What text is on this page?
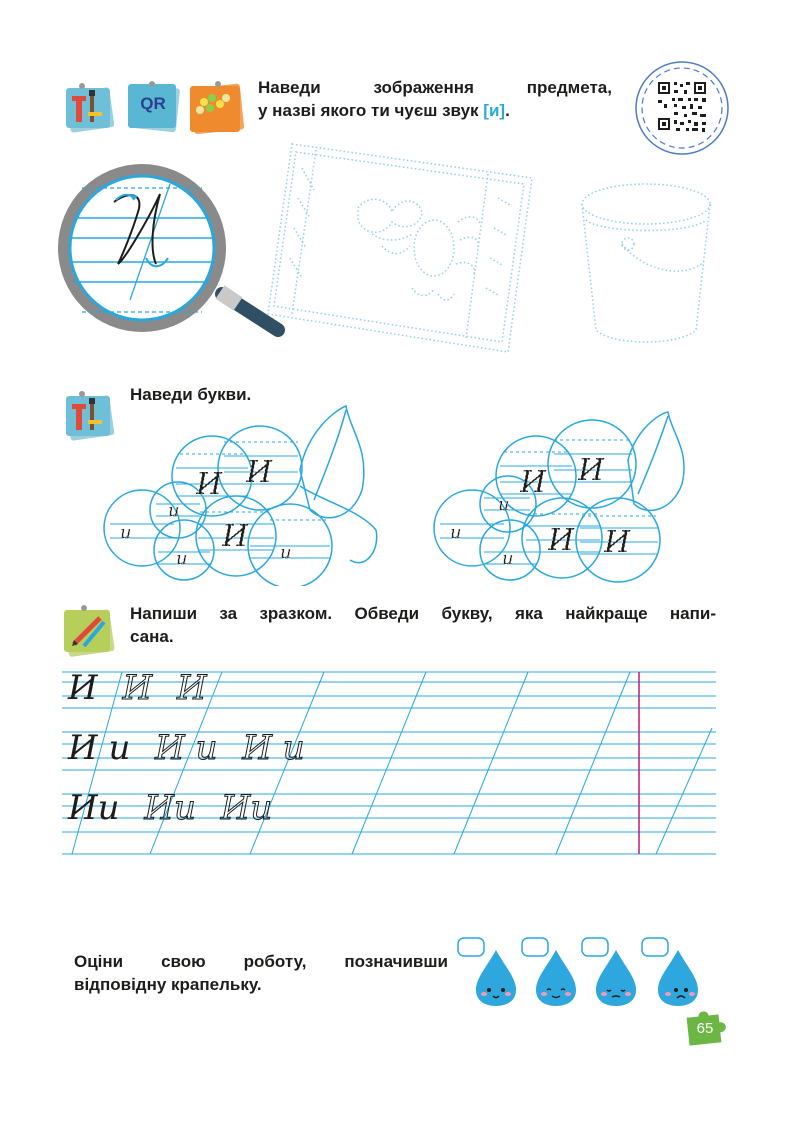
QR
Наведи зображення предмета,
у назві якого ти чуєш звук [и].
Наведи букви.
И И
И
и
и
и	и
И И
И И
и
и
и
Напиши за зразком. Обведи букву, яка найкраще напи-
сана.
И И И
И и И и И и
Ии Ии Ии
Оціни свою роботу, позначивши
відповідну крапельку.
65
